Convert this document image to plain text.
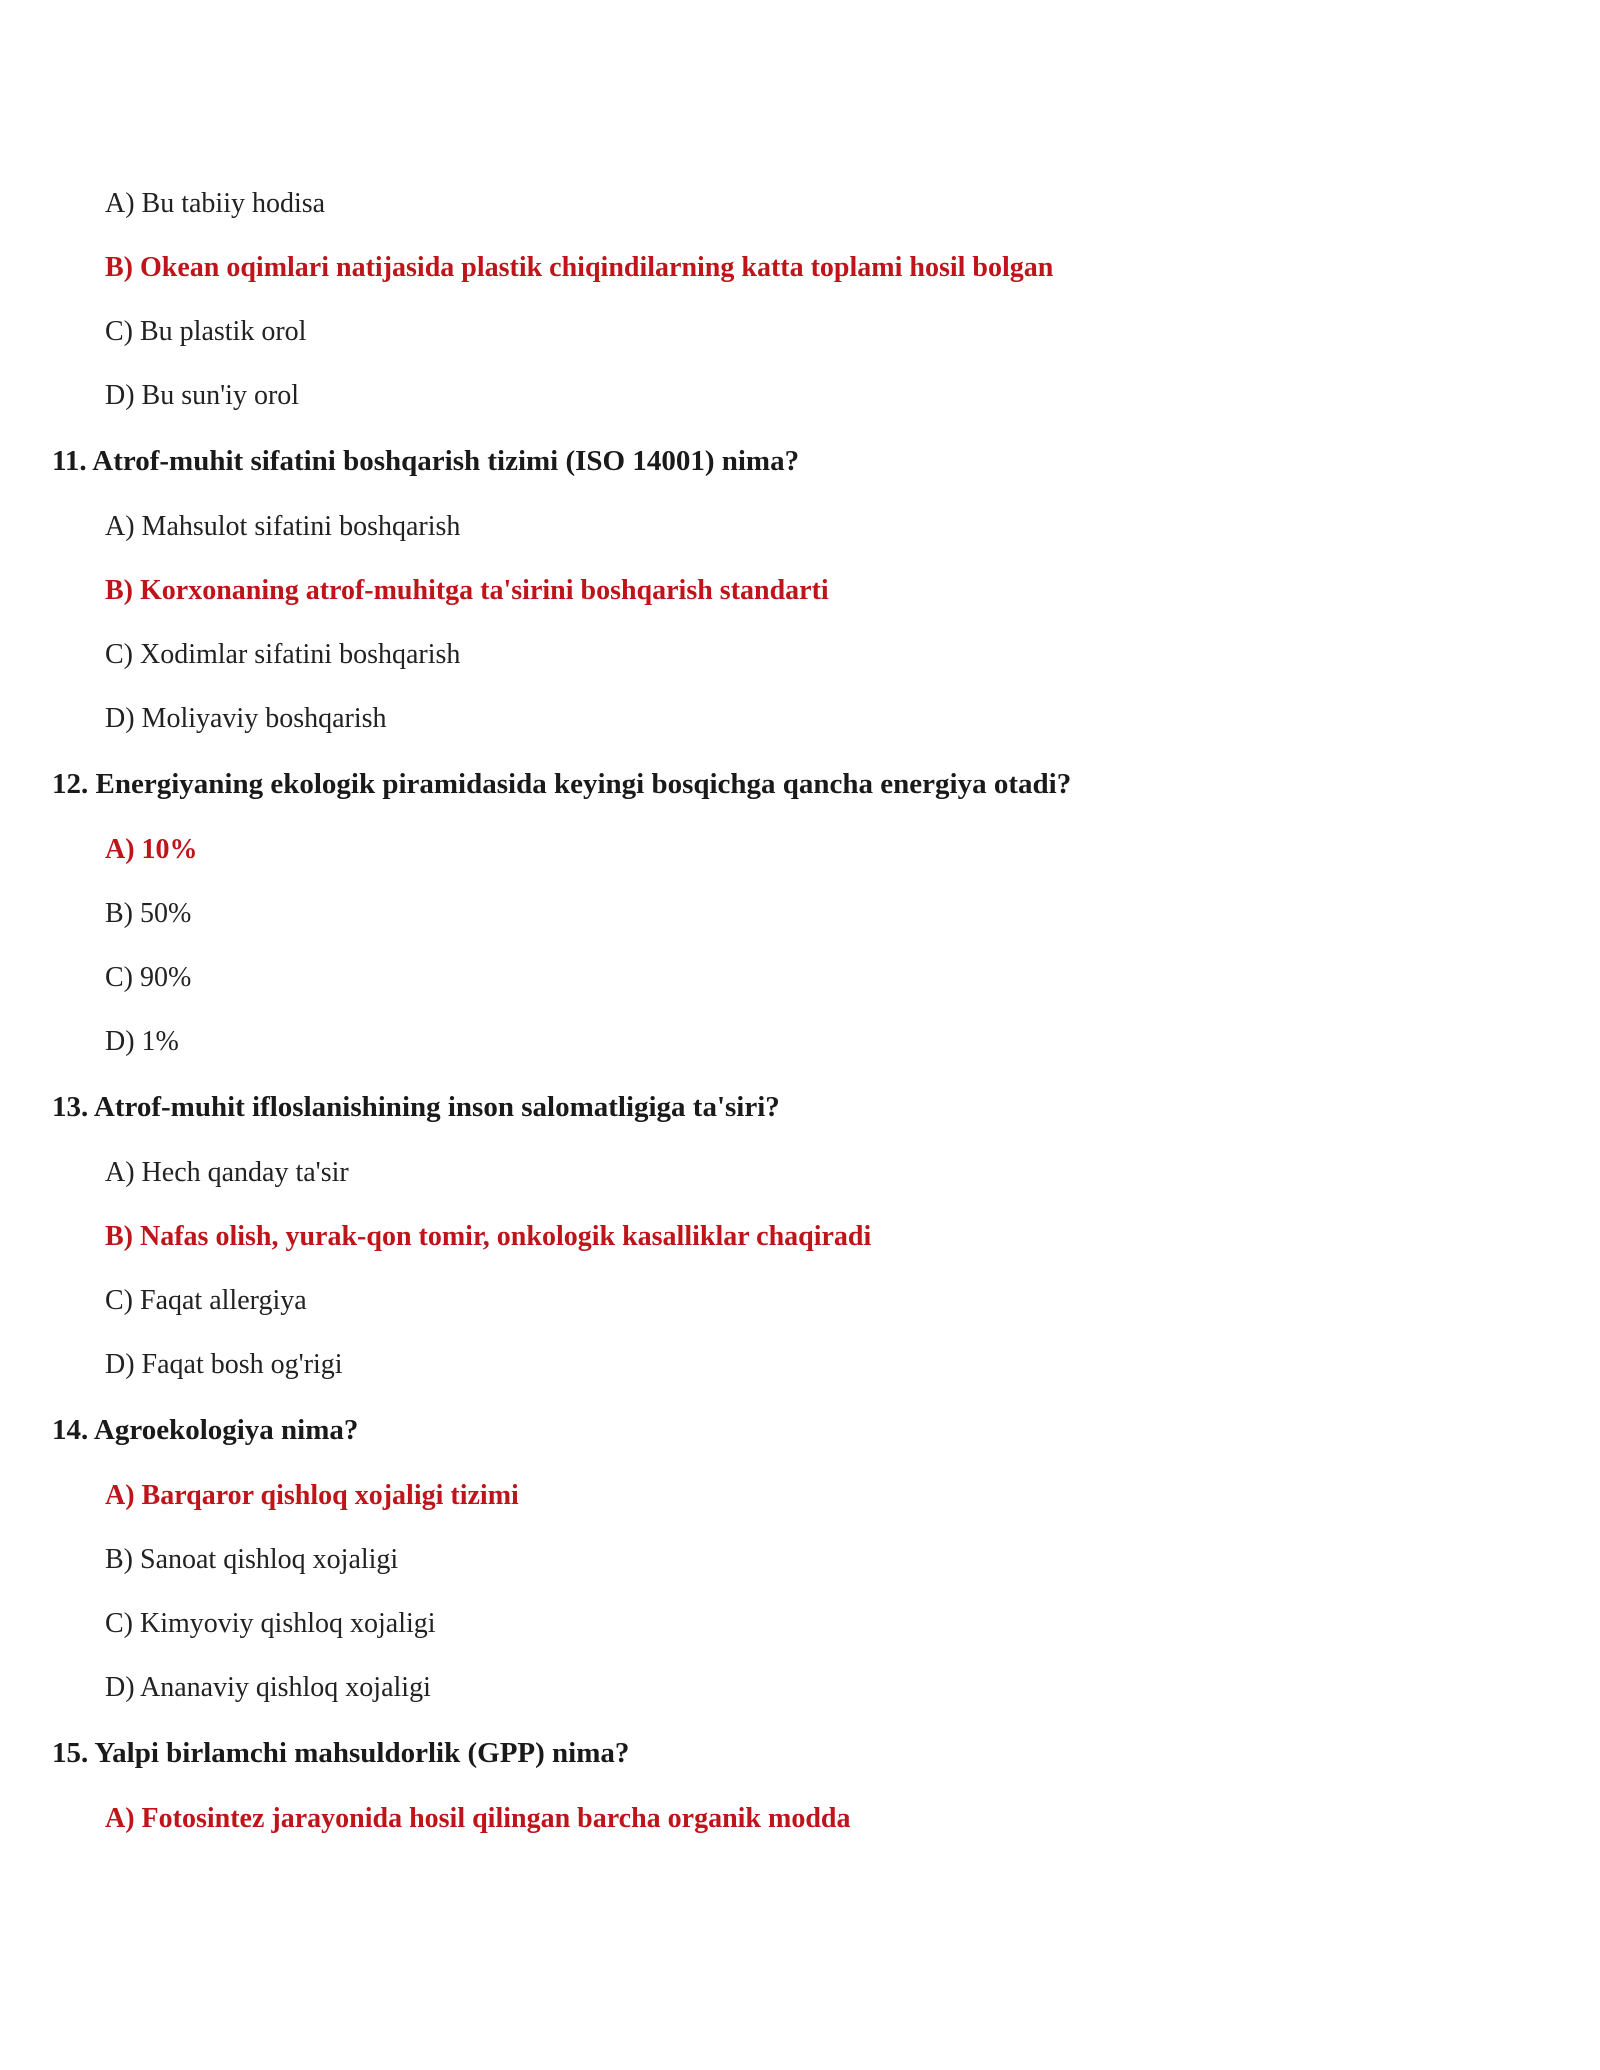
A) Bu tabiiy hodisa
B) Okean oqimlari natijasida plastik chiqindilarning katta toplami hosil bolgan
C) Bu plastik orol
D) Bu sun'iy orol
11. Atrof-muhit sifatini boshqarish tizimi (ISO 14001) nima?
A) Mahsulot sifatini boshqarish
B) Korxonaning atrof-muhitga ta'sirini boshqarish standarti
C) Xodimlar sifatini boshqarish
D) Moliyaviy boshqarish
12. Energiyaning ekologik piramidasida keyingi bosqichga qancha energiya otadi?
A) 10%
B) 50%
C) 90%
D) 1%
13. Atrof-muhit ifloslanishining inson salomatligiga ta'siri?
A) Hech qanday ta'sir
B) Nafas olish, yurak-qon tomir, onkologik kasalliklar chaqiradi
C) Faqat allergiya
D) Faqat bosh og'rigi
14. Agroekologiya nima?
A) Barqaror qishloq xojaligi tizimi
B) Sanoat qishloq xojaligi
C) Kimyoviy qishloq xojaligi
D) Ananaviy qishloq xojaligi
15. Yalpi birlamchi mahsuldorlik (GPP) nima?
A) Fotosintez jarayonida hosil qilingan barcha organik modda
